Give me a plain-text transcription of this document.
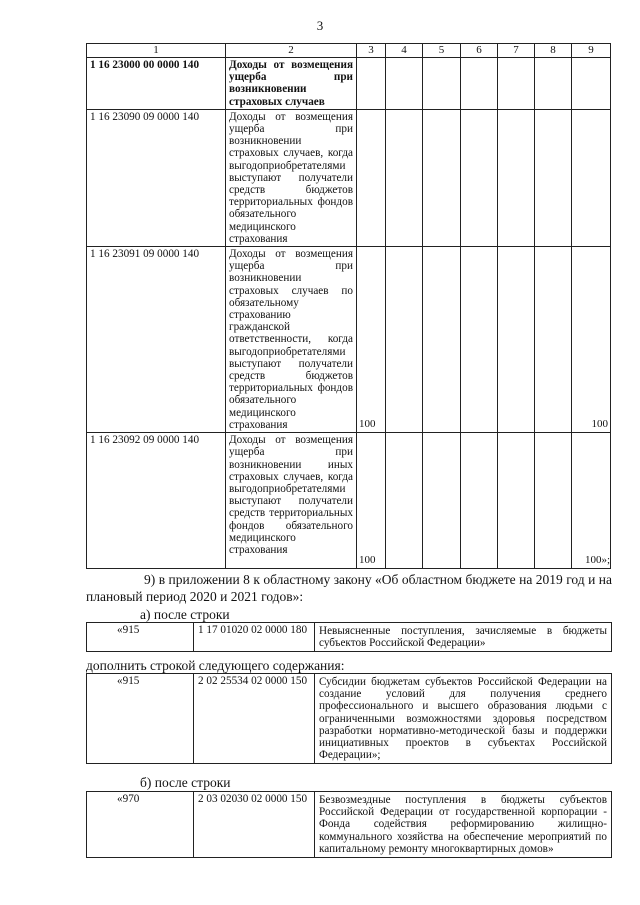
3
1	2	3	4	5	6	7	8	9
1 16 23000 00 0000 140	Доходы от возмещения ущерба при возникновении страховых случаев							
1 16 23090 09 0000 140	Доходы от возмещения ущерба при возникновении страховых случаев, когда выгодоприобретателями выступают получатели средств бюджетов территориальных фондов обязательного медицинского страхования							
1 16 23091 09 0000 140	Доходы от возмещения ущерба при возникновении страховых случаев по обязательному страхованию гражданской ответственности, когда выгодоприобретателями выступают получатели средств бюджетов территориальных фондов обязательного медицинского страхования	100						100
1 16 23092 09 0000 140	Доходы от возмещения ущерба при возникновении иных страховых случаев, когда выгодоприобретателями выступают получатели средств территориальных фондов обязательного медицинского страхования	100						100»;
9) в приложении 8 к областному закону «Об областном бюджете на 2019 год и на плановый период 2020 и 2021 годов»:
а) после строки
«915	1 17 01020 02 0000 180	Невыясненные поступления, зачисляемые в бюджеты субъектов Российской Федерации»
дополнить строкой следующего содержания:
«915	2 02 25534 02 0000 150	Субсидии бюджетам субъектов Российской Федерации на создание условий для получения среднего профессионального и высшего образования людьми с ограниченными возможностями здоровья посредством разработки нормативно-методической базы и поддержки инициативных проектов в субъектах Российской Федерации»;
б) после строки
«970	2 03 02030 02 0000 150	Безвозмездные поступления в бюджеты субъектов Российской Федерации от государственной корпорации - Фонда содействия реформированию жилищно-коммунального хозяйства на обеспечение мероприятий по капитальному ремонту многоквартирных домов»
